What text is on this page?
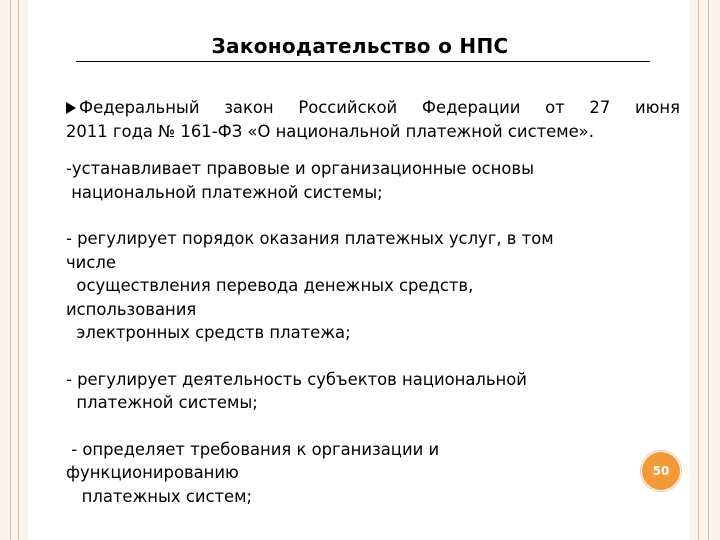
Законодательство о НПС
Федеральный закон Российской Федерации от 27 июня
2011 года № 161-ФЗ «О национальной платежной системе».

-устанавливает правовые и организационные основы

национальной платежной системы;

- регулирует порядок оказания платежных услуг, в том

числе

осуществления перевода денежных средств,

использования

электронных средств платежа;

- регулирует деятельность субъектов национальной

платежной системы;

- определяет требования к организации и

функционированию

платежных систем;

50
